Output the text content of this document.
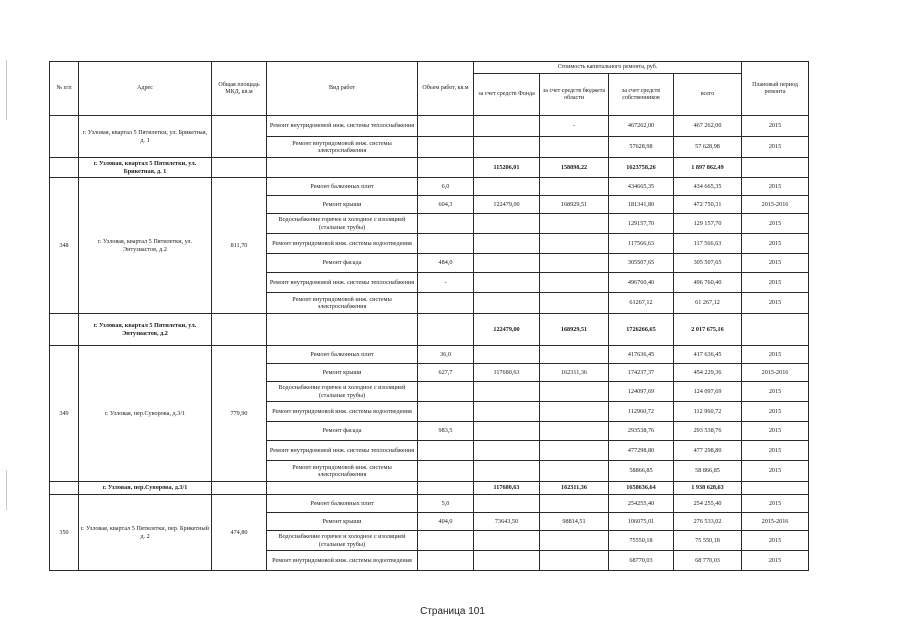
№ п/п	Адрес	Общая площадь МКД, кв.м	Вид работ	Объем работ, кв.м	Стоимость капитального ремонта, руб.				Плановый период ремонта
					за счет средств Фонда	за счет средств бюджета области	за счет средств собственников	всего	
	г. Узловая, квартал 5 Пятилетки, ул. Брикетная, д. 1		Ремонт внутридомовой инж. системы теплоснабжения			-	467262,00	467 262,00	2015
			Ремонт внутридомовой инж. системы электроснабжения				57628,98	57 628,98	2015
	г. Узловая, квартал 5 Пятилетки, ул. Брикетная, д. 1				115206,01	158898,22	1623758,26	1 897 862,49	
348	г. Узловая, квартал 5 Пятилетки, ул. Энтузиастов, д.2	811,70	Ремонт балконных плит	6,0			434665,35	434 665,35	2015
			Ремонт крыши	604,3	122479,00	168929,51	181341,80	472 750,31	2015-2016
			Водоснабжение горячее и холодное с изоляцией (стальные трубы)				129157,70	129 157,70	2015
			Ремонт внутридомовой инж. системы водоотведения				117566,63	117 566,63	2015
			Ремонт фасада	484,0			305507,65	305 507,65	2015
			Ремонт внутридомовой инж. системы теплоснабжения	-			496760,40	496 760,40	2015
			Ремонт внутридомовой инж. системы электроснабжения				61267,12	61 267,12	2015
	г. Узловая, квартал 5 Пятилетки, ул. Энтузиастов, д.2				122479,00	168929,51	1726266,65	2 017 675,16	
349	г. Узловая, пер.Суворова, д.3/1	779,90	Ремонт балконных плит	36,0			417636,45	417 636,45	2015
			Ремонт крыши	627,7	117680,63	162311,36	174237,37	454 229,36	2015-2016
			Водоснабжение горячее и холодное с изоляцией (стальные трубы)				124097,69	124 097,69	2015
			Ремонт внутридомовой инж. системы водоотведения				112960,72	112 960,72	2015
			Ремонт фасада	983,5			293538,76	293 538,76	2015
			Ремонт внутридомовой инж. системы теплоснабжения				477298,80	477 298,80	2015
			Ремонт внутридомовой инж. системы электроснабжения				58866,85	58 866,85	2015
	г. Узловая, пер.Суворова, д.3/1				117680,63	162311,36	1658636,64	1 938 628,63	
350	г. Узловая, квартал 5 Пятилетки, пер. Брикетный д. 2	474,80	Ремонт балконных плит	5,0			254255,40	254 255,40	2015
			Ремонт крыши	404,0	73643,50	98814,51	106075,01	276 533,02	2015-2016
			Водоснабжение горячее и холодное с изоляцией (стальные трубы)				75550,18	75 550,18	2015
			Ремонт внутридомовой инж. системы водоотведения				68770,03	68 770,03	2015
Страница 101
